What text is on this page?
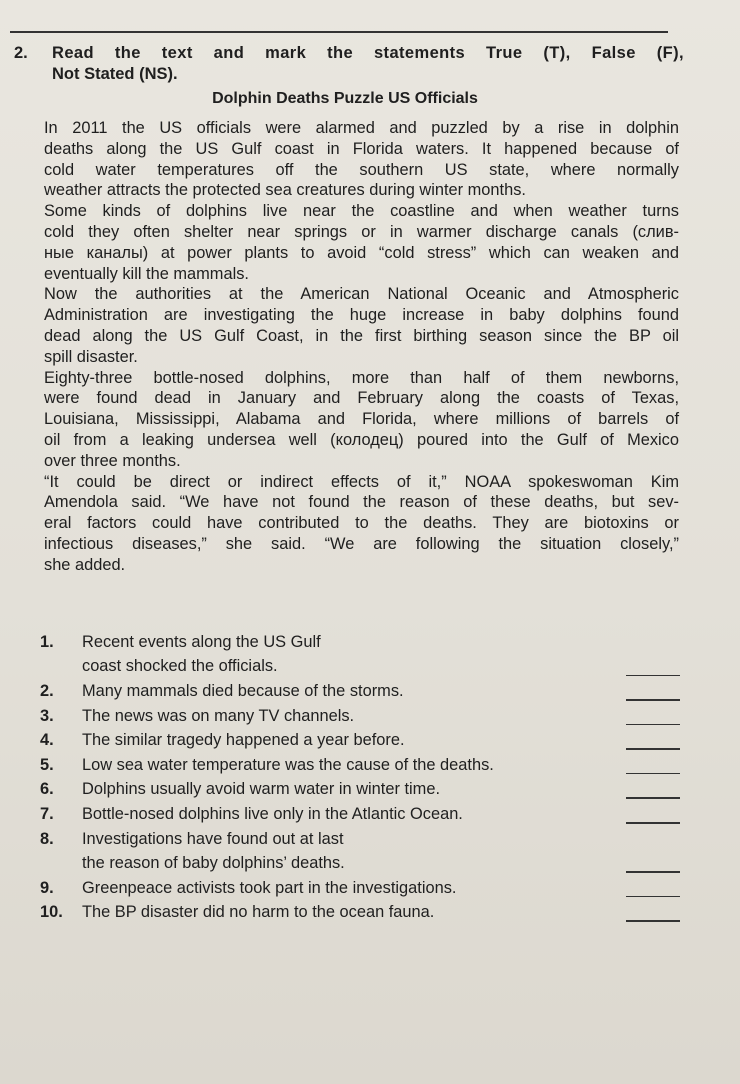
2. Read the text and mark the statements True (T), False (F),
Not Stated (NS).
Dolphin Deaths Puzzle US Officials
In 2011 the US officials were alarmed and puzzled by a rise in dolphin
deaths along the US Gulf coast in Florida waters. It happened because of
cold water temperatures off the southern US state, where normally
weather attracts the protected sea creatures during winter months.
Some kinds of dolphins live near the coastline and when weather turns
cold they often shelter near springs or in warmer discharge canals (слив-
ные каналы) at power plants to avoid “cold stress” which can weaken and
eventually kill the mammals.
Now the authorities at the American National Oceanic and Atmospheric
Administration are investigating the huge increase in baby dolphins found
dead along the US Gulf Coast, in the first birthing season since the BP oil
spill disaster.
Eighty-three bottle-nosed dolphins, more than half of them newborns,
were found dead in January and February along the coasts of Texas,
Louisiana, Mississippi, Alabama and Florida, where millions of barrels of
oil from a leaking undersea well (колодец) poured into the Gulf of Mexico
over three months.
“It could be direct or indirect effects of it,” NOAA spokeswoman Kim
Amendola said. “We have not found the reason of these deaths, but sev-
eral factors could have contributed to the deaths. They are biotoxins or
infectious diseases,” she said. “We are following the situation closely,”
she added.
1. Recent events along the US Gulf
coast shocked the officials.
2. Many mammals died because of the storms.
3. The news was on many TV channels.
4. The similar tragedy happened a year before.
5. Low sea water temperature was the cause of the deaths.
6. Dolphins usually avoid warm water in winter time.
7. Bottle-nosed dolphins live only in the Atlantic Ocean.
8. Investigations have found out at last
the reason of baby dolphins’ deaths.
9. Greenpeace activists took part in the investigations.
10. The BP disaster did no harm to the ocean fauna.
